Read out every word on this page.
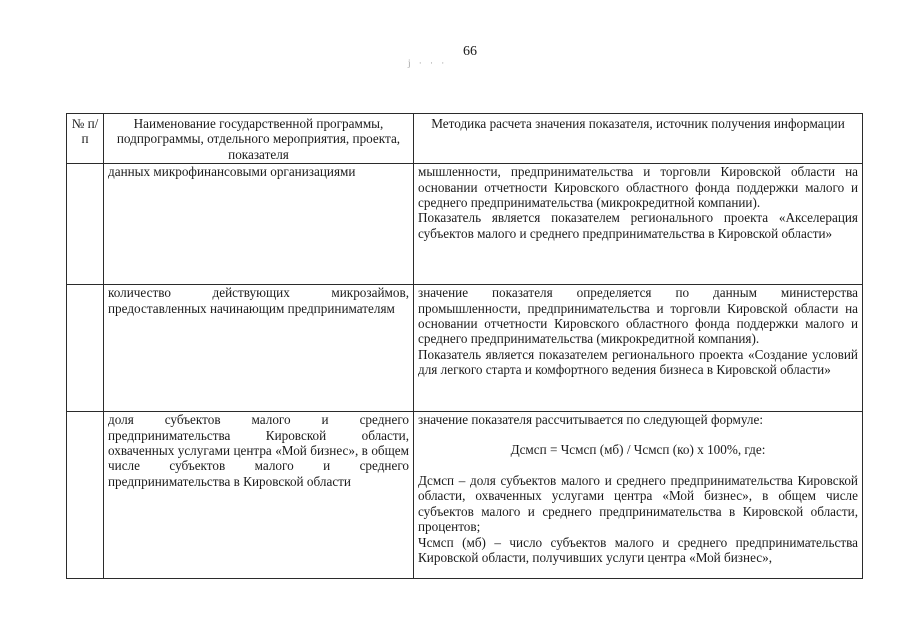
66
j · · ·
№ п/п	Наименование государственной программы, подпрограммы, отдельного мероприятия, проекта, показателя	Методика расчета значения показателя, источник получения информации
	данных микрофинансовыми организациями	мышленности, предпринимательства и торговли Кировской области на основании отчетности Кировского областного фонда поддержки малого и среднего предпринимательства (микрокредитной компании).

Показатель является показателем регионального проекта «Акселерация субъектов малого и среднего предпринимательства в Кировской области»

	количество действующих микрозаймов, предоставленных начинающим предпринимателям	значение показателя определяется по данным министерства промышленности, предпринимательства и торговли Кировской области на основании отчетности Кировского областного фонда поддержки малого и среднего предпринимательства (микрокредитной компания).

Показатель является показателем регионального проекта «Создание условий для легкого старта и комфортного ведения бизнеса в Кировской области»

	доля субъектов малого и среднего предпринимательства Кировской области, охваченных услугами центра «Мой бизнес», в общем числе субъектов малого и среднего предпринимательства в Кировской области	значение показателя рассчитывается по следующей формуле:

Дсмсп = Чсмсп (мб) / Чсмсп (ко) х 100%, где:

Дсмсп – доля субъектов малого и среднего предпринимательства Кировской области, охваченных услугами центра «Мой бизнес», в общем числе субъектов малого и среднего предпринимательства в Кировской области, процентов;

Чсмсп (мб) – число субъектов малого и среднего предпринимательства Кировской области, получивших услуги центра «Мой бизнес»,
